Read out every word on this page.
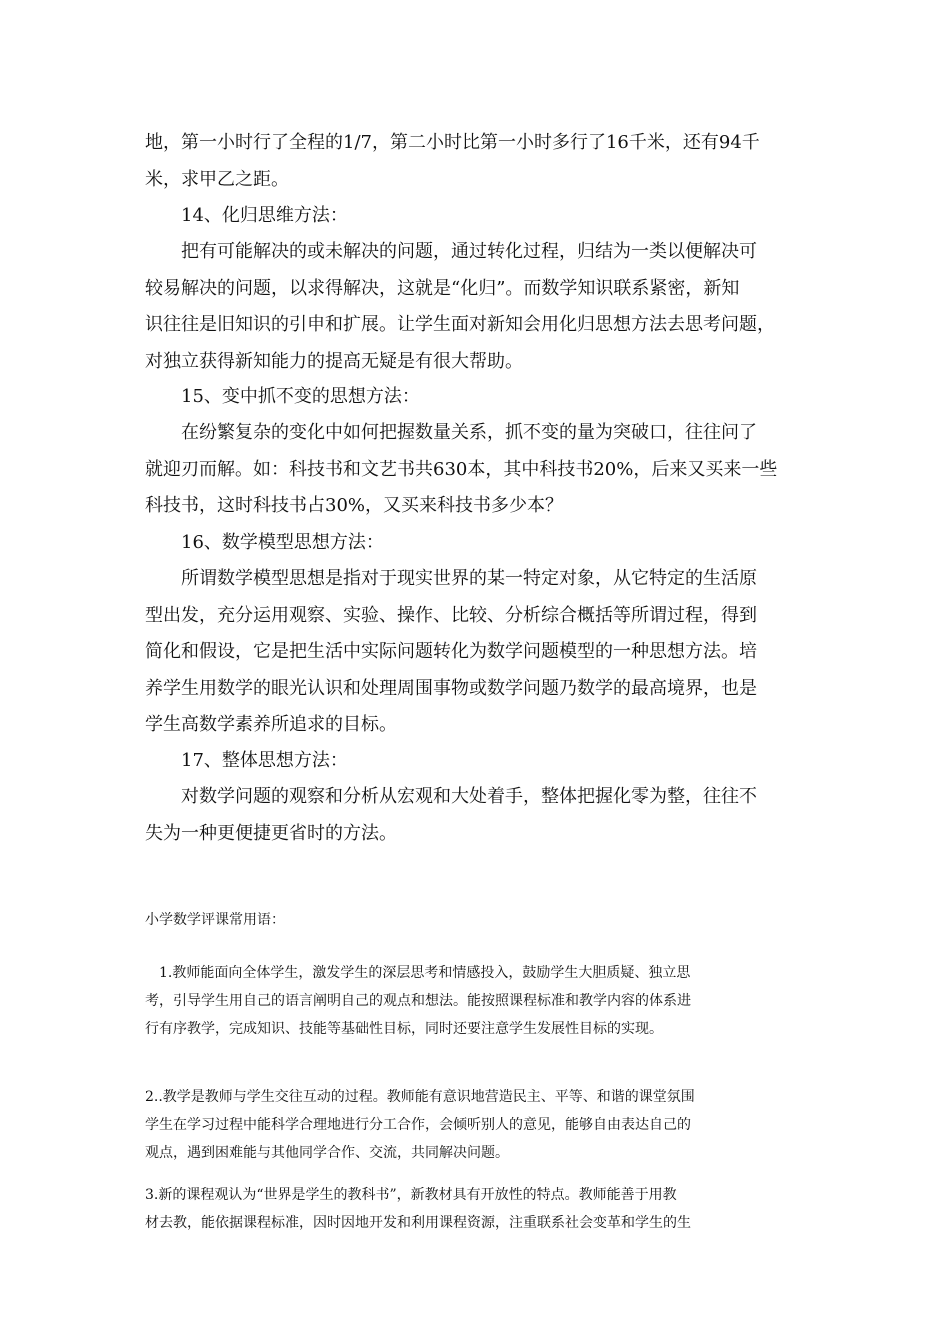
地，第一小时行了全程的1/7，第二小时比第一小时多行了16千米，还有94千
米，求甲乙之距。

　　14、化归思维方法：

　　把有可能解决的或未解决的问题，通过转化过程，归结为一类以便解决可
较易解决的问题，以求得解决，这就是“化归”。而数学知识联系紧密，新知
识往往是旧知识的引申和扩展。让学生面对新知会用化归思想方法去思考问题，
对独立获得新知能力的提高无疑是有很大帮助。

　　15、变中抓不变的思想方法：

　　在纷繁复杂的变化中如何把握数量关系，抓不变的量为突破口，往往问了
就迎刃而解。如：科技书和文艺书共630本，其中科技书20%，后来又买来一些
科技书，这时科技书占30%，又买来科技书多少本？

　　16、数学模型思想方法：

　　所谓数学模型思想是指对于现实世界的某一特定对象，从它特定的生活原
型出发，充分运用观察、实验、操作、比较、分析综合概括等所谓过程，得到
简化和假设，它是把生活中实际问题转化为数学问题模型的一种思想方法。培
养学生用数学的眼光认识和处理周围事物或数学问题乃数学的最高境界，也是
学生高数学素养所追求的目标。

　　17、整体思想方法：

　　对数学问题的观察和分析从宏观和大处着手，整体把握化零为整，往往不
失为一种更便捷更省时的方法。

小学数学评课常用语：

　1.教师能面向全体学生，激发学生的深层思考和情感投入，鼓励学生大胆质疑、独立思
考，引导学生用自己的语言阐明自己的观点和想法。能按照课程标准和教学内容的体系进
行有序教学，完成知识、技能等基础性目标，同时还要注意学生发展性目标的实现。

2..教学是教师与学生交往互动的过程。教师能有意识地营造民主、平等、和谐的课堂氛围
学生在学习过程中能科学合理地进行分工合作，会倾听别人的意见，能够自由表达自己的
观点，遇到困难能与其他同学合作、交流，共同解决问题。

3.新的课程观认为“世界是学生的教科书”，新教材具有开放性的特点。教师能善于用教
材去教，能依据课程标准，因时因地开发和利用课程资源，注重联系社会变革和学生的生
